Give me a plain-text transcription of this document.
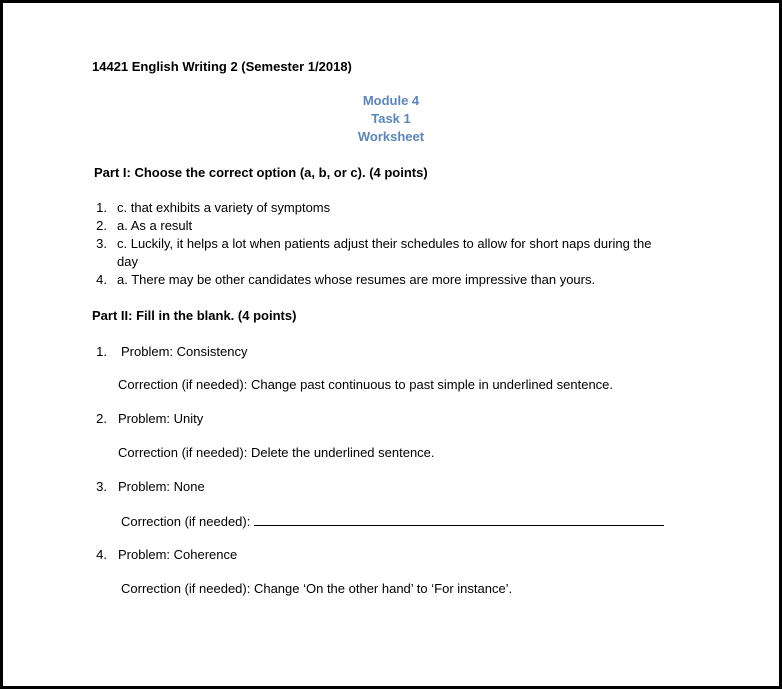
14421 English Writing 2 (Semester 1/2018)
Module 4
Task 1
Worksheet
Part I: Choose the correct option (a, b, or c). (4 points)
1. c. that exhibits a variety of symptoms
2. a. As a result
3. c. Luckily, it helps a lot when patients adjust their schedules to allow for short naps during the
day
4. a. There may be other candidates whose resumes are more impressive than yours.
Part II: Fill in the blank. (4 points)
1. Problem: Consistency
Correction (if needed): Change past continuous to past simple in underlined sentence.
2. Problem: Unity
Correction (if needed): Delete the underlined sentence.
3. Problem: None
Correction (if needed):
4. Problem: Coherence
Correction (if needed): Change ‘On the other hand’ to ‘For instance’.
